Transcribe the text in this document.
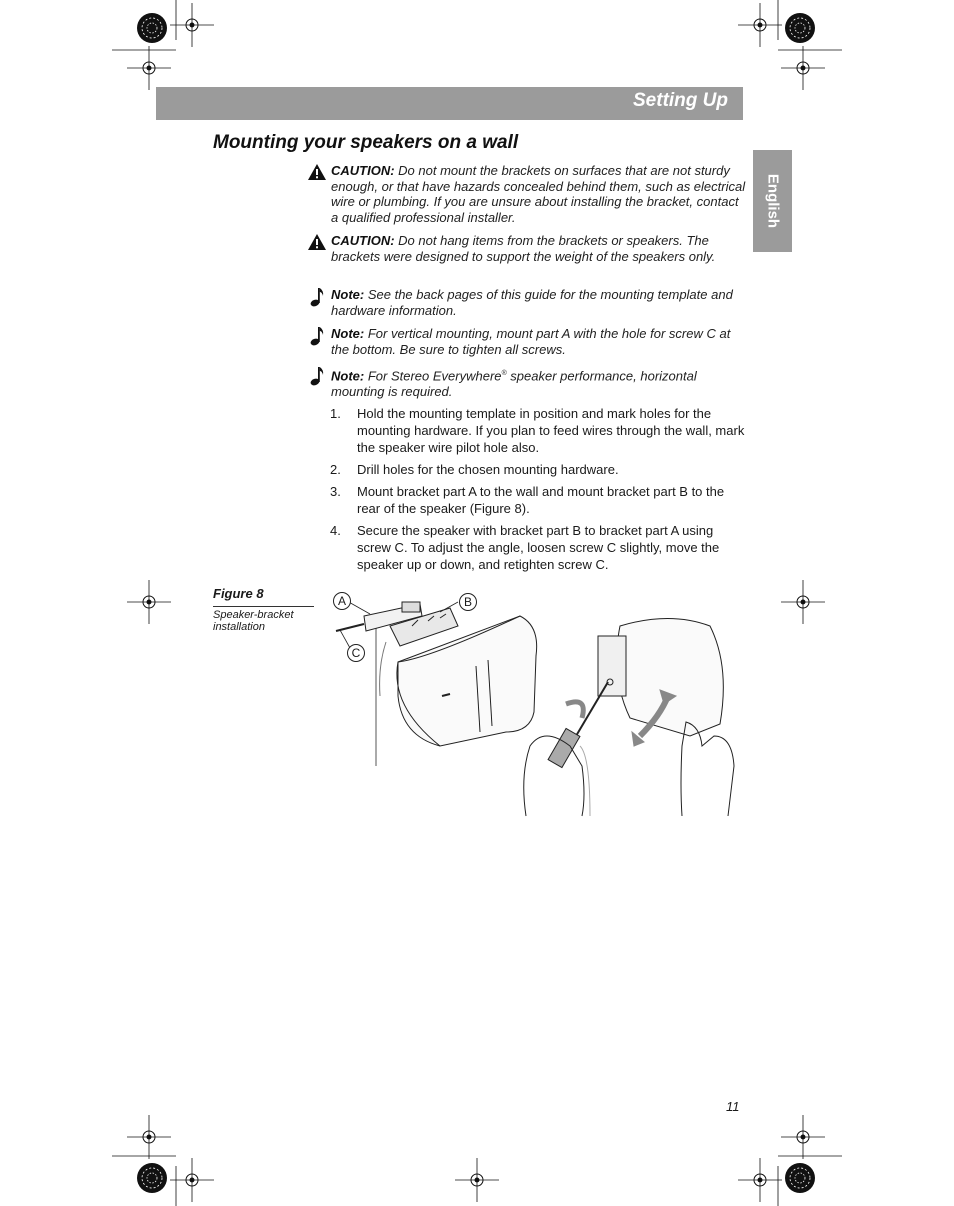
Setting Up
English
Mounting your speakers on a wall
CAUTION: Do not mount the brackets on surfaces that are not sturdy enough, or that have hazards concealed behind them, such as electrical wire or plumbing. If you are unsure about installing the bracket, contact a qualified professional installer.
CAUTION: Do not hang items from the brackets or speakers. The brackets were designed to support the weight of the speakers only.
Note: See the back pages of this guide for the mounting template and hardware information.
Note: For vertical mounting, mount part A with the hole for screw C at the bottom. Be sure to tighten all screws.
Note: For Stereo Everywhere® speaker performance, horizontal mounting is required.
1. Hold the mounting template in position and mark holes for the mounting hardware. If you plan to feed wires through the wall, mark the speaker wire pilot hole also.
2. Drill holes for the chosen mounting hardware.
3. Mount bracket part A to the wall and mount bracket part B to the rear of the speaker (Figure 8).
4. Secure the speaker with bracket part B to bracket part A using screw C. To adjust the angle, loosen screw C slightly, move the speaker up or down, and retighten screw C.
Figure 8
Speaker-bracket installation
A	B
C
11
